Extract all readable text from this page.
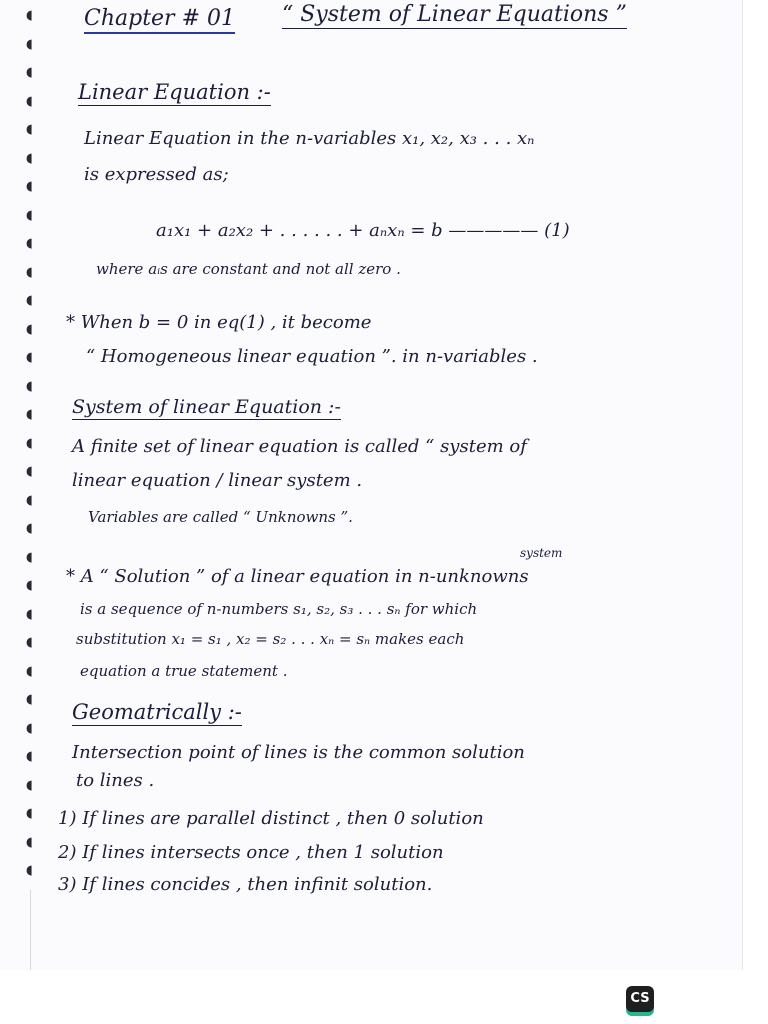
◖
◖
◖
◖
◖
◖
◖
◖
◖
◖
◖
◖
◖
◖
◖
◖
◖
◖
◖
◖
◖
◖
◖
◖
◖
◖
◖
◖
◖
◖
◖
Chapter # 01 “ System of Linear Equations ”
Linear Equation :-
Linear Equation in the n-variables x₁, x₂, x₃ . . . xₙ
is expressed as;
a₁x₁ + a₂x₂ + . . . . . . + aₙxₙ = b ————— (1)
where aᵢs are constant and not all zero .
* When b = 0 in eq(1) , it become
“ Homogeneous linear equation ”. in n-variables .
System of linear Equation :-
A finite set of linear equation is called “ system of
linear equation / linear system .
Variables are called “ Unknowns ”.
system
* A “ Solution ” of a linear equation in n-unknowns
is a sequence of n-numbers s₁, s₂, s₃ . . . sₙ for which
substitution x₁ = s₁ , x₂ = s₂ . . . xₙ = sₙ makes each
equation a true statement .
Geomatrically :-
Intersection point of lines is the common solution
to lines .
1) If lines are parallel distinct , then 0 solution
2) If lines intersects once , then 1 solution
3) If lines concides , then infinit solution.
CS
